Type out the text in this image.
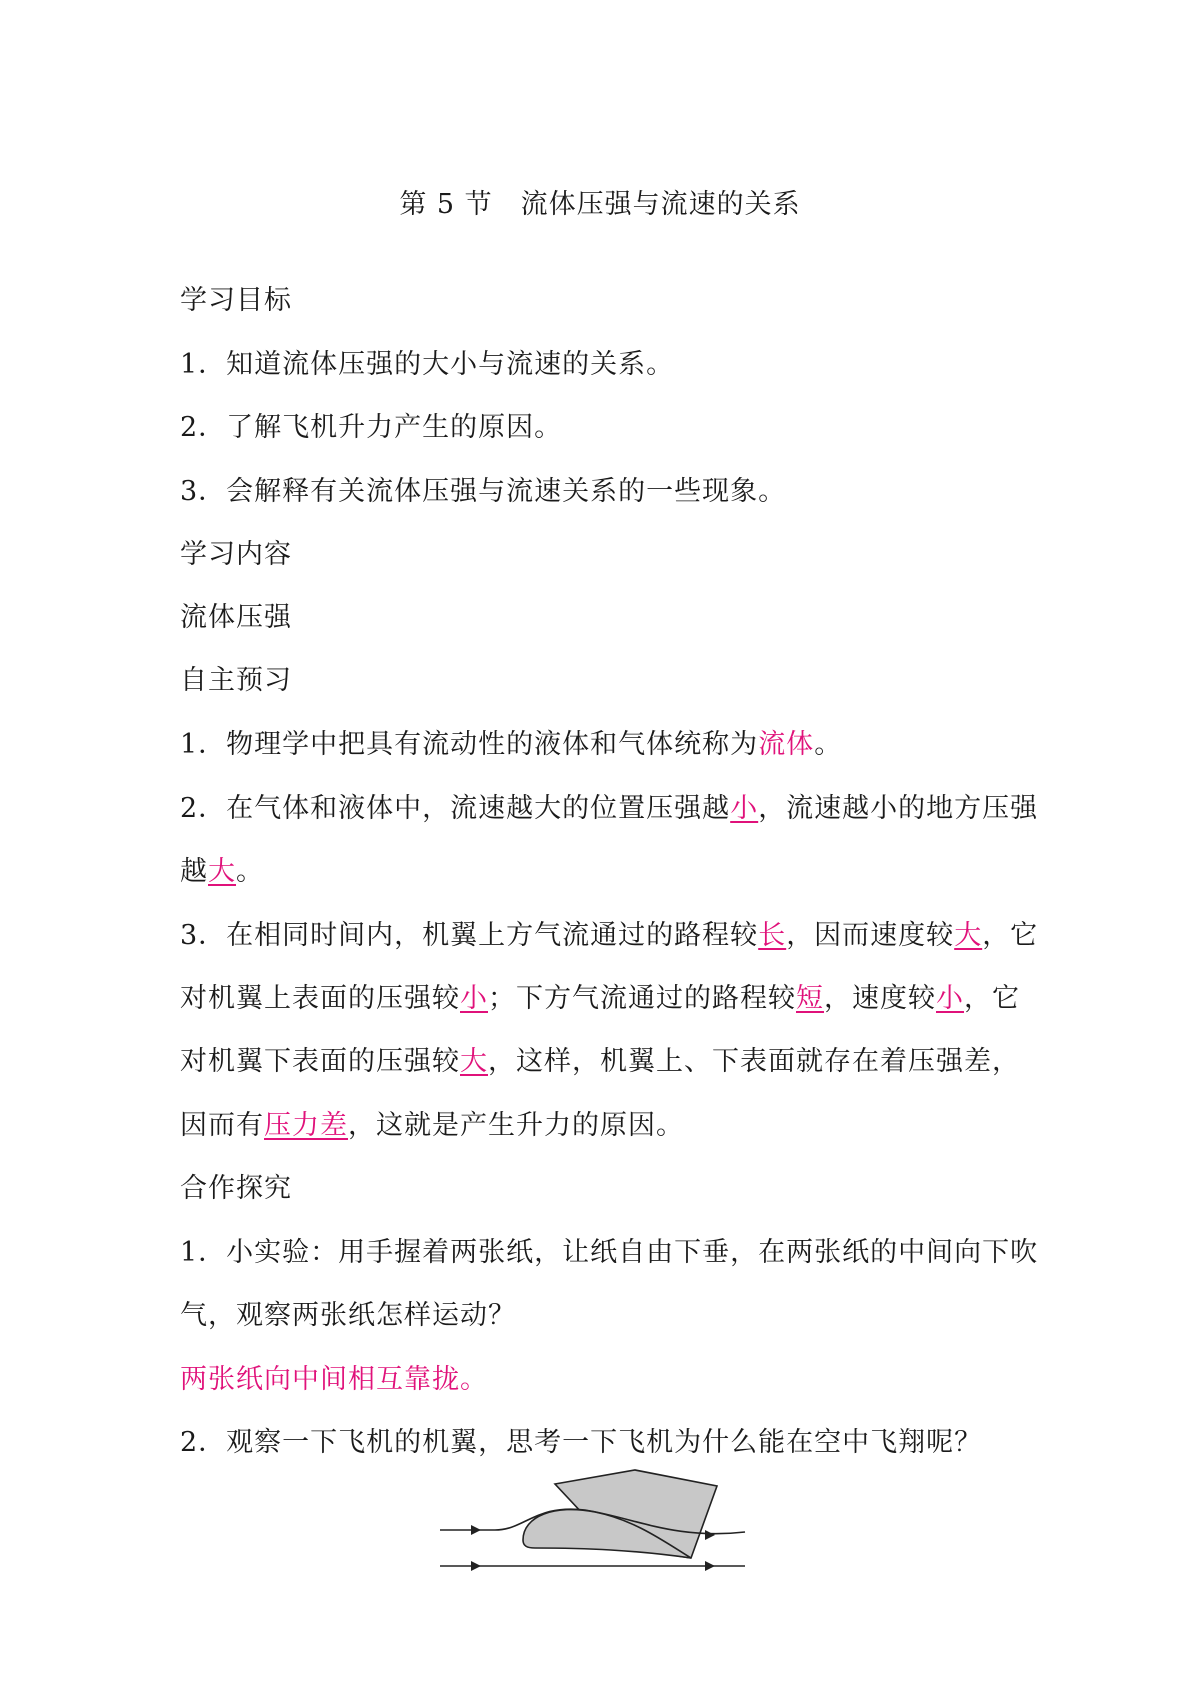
第 5 节　流体压强与流速的关系
学习目标
1．知道流体压强的大小与流速的关系。
2．了解飞机升力产生的原因。
3．会解释有关流体压强与流速关系的一些现象。
学习内容
流体压强
自主预习
1．物理学中把具有流动性的液体和气体统称为流体。
2．在气体和液体中，流速越大的位置压强越小，流速越小的地方压强
越大。
3．在相同时间内，机翼上方气流通过的路程较长，因而速度较大，它
对机翼上表面的压强较小；下方气流通过的路程较短，速度较小，它
对机翼下表面的压强较大，这样，机翼上、下表面就存在着压强差，
因而有压力差，这就是产生升力的原因。
合作探究
1．小实验：用手握着两张纸，让纸自由下垂，在两张纸的中间向下吹
气，观察两张纸怎样运动？
两张纸向中间相互靠拢。
2．观察一下飞机的机翼，思考一下飞机为什么能在空中飞翔呢？
